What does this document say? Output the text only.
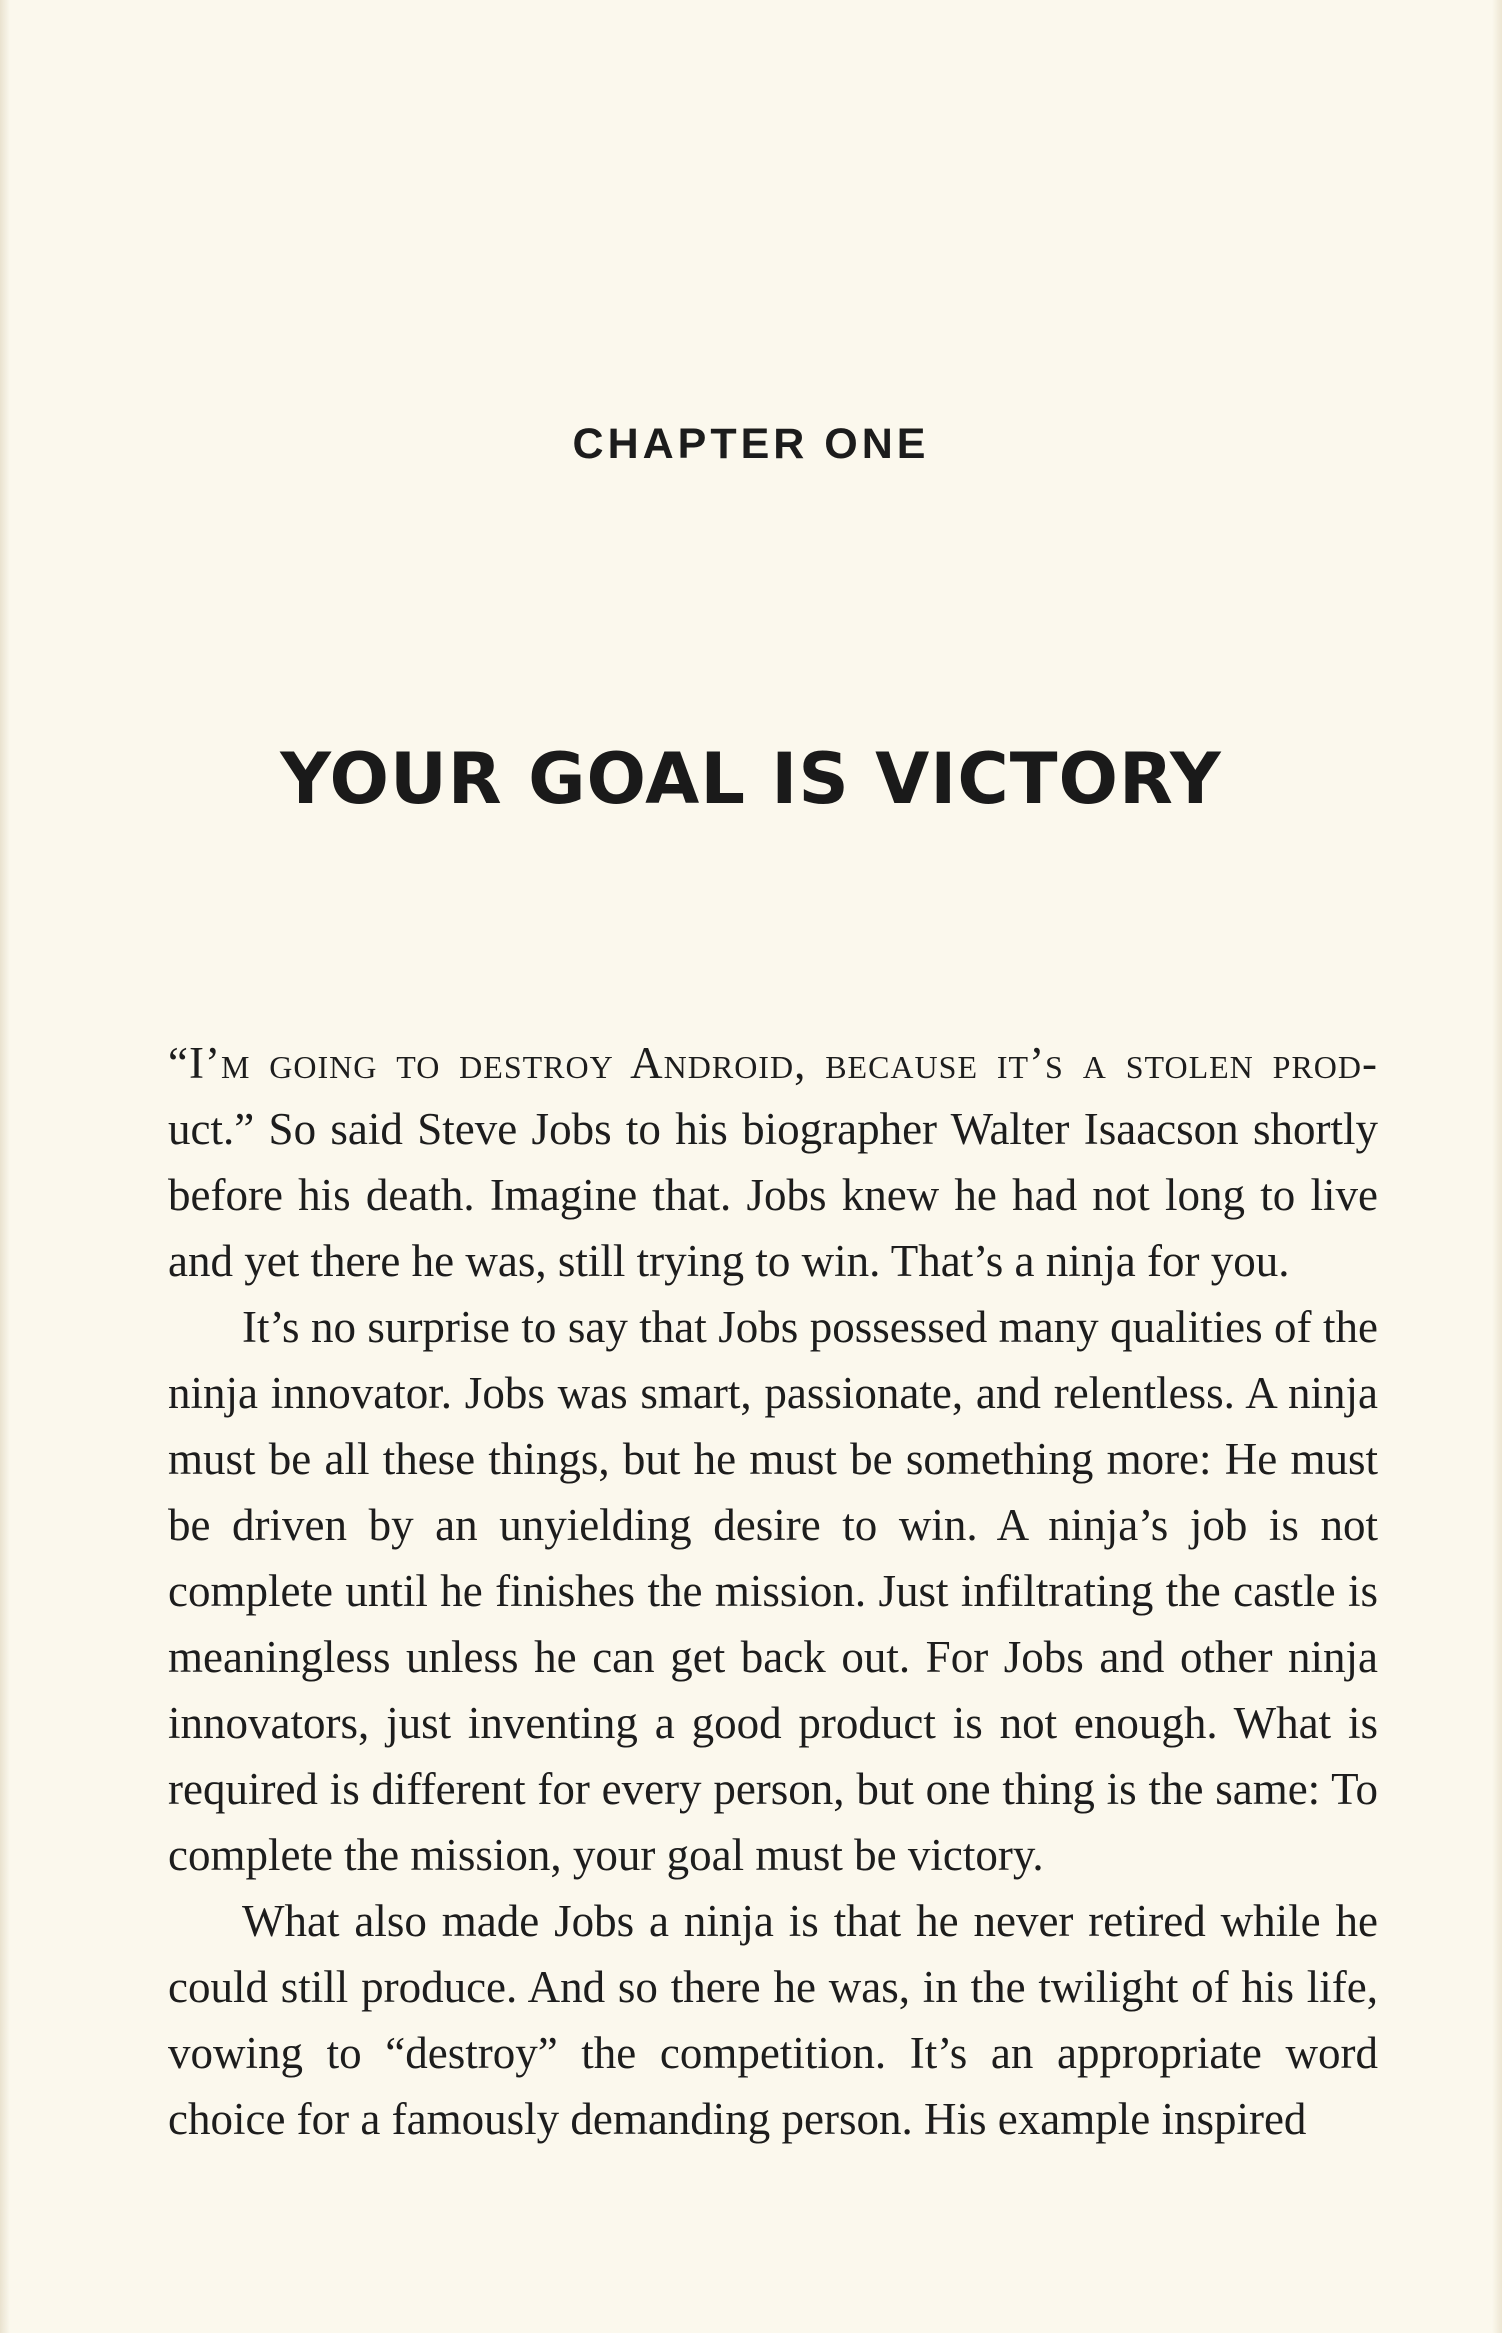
CHAPTER ONE
YOUR GOAL IS VICTORY

“I’m going to destroy Android, because it’s a stolen prod-uct.” So said Steve Jobs to his biographer Walter Isaacson shortly before his death. Imagine that. Jobs knew he had not long to live and yet there he was, still trying to win. That’s a ninja for you.

It’s no surprise to say that Jobs possessed many qualities of the ninja innovator. Jobs was smart, passionate, and relentless. A ninja must be all these things, but he must be something more: He must be driven by an unyielding desire to win. A ninja’s job is not complete until he finishes the mission. Just infiltrating the castle is meaningless unless he can get back out. For Jobs and other ninja innovators, just inventing a good product is not enough. What is required is different for every person, but one thing is the same: To complete the mission, your goal must be victory.

What also made Jobs a ninja is that he never retired while he could still produce. And so there he was, in the twilight of his life, vowing to “destroy” the competition. It’s an appropriate word choice for a famously demanding person. His example inspired
